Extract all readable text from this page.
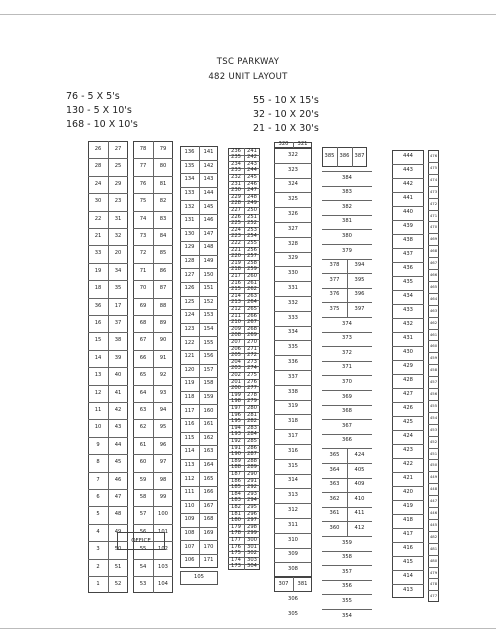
TSC PARKWAY
482 UNIT LAYOUT
76 - 5 X 5's
130 - 5 X 10's
168 - 10 X 10's
55 - 10 X 15's
32 - 10 X 20's
21 - 10 X 30's
26	27
28	25
24	29
30	23
22	31
21	32
33	20
19	34
18	35
36	17
16	37
15	38
14	39
13	40
12	41
11	42
10	43
9	44
8	45
7	46
6	47
5	48
4	49
3	50
2	51
1	52
78	79
77	80
76	81
75	82
74	83
73	84
72	85
71	86
70	87
69	88
68	89
67	90
66	91
65	92
64	93
63	94
62	95
61	96
60	97
59	98
58	99
57	100
56	101
55	102
54	103
53	104
136	141
135	142
134	143
133	144
132	145
131	146
130	147
129	148
128	149
127	150
126	151
125	152
124	153
123	154
122	155
121	156
120	157
119	158
118	159
117	160
116	161
115	162
114	163
113	164
112	165
111	166
110	167
109	168
108	169
107	170
106	171
105
236	241
235	242
234	243
233	244
232	245
231	246
230	247
229	248
228	249
227	250
226	251
225	252
224	253
223	254
222	255
221	256
220	257
219	258
218	259
217	260
216	261
215	262
214	263
213	264
212	265
211	266
210	267
209	268
208	269
207	270
206	271
205	272
204	273
203	274
202	275
201	276
200	277
199	278
198	279
197	280
196	281
195	282
194	283
193	284
192	285
191	286
190	287
189	288
188	289
187	290
186	291
185	292
184	293
183	294
182	295
181	296
180	297
179	298
178	299
177	300
176	301
175	302
174	303
173	304
320	321
322
323
324
325
326
327
328
329
330
331
332
333
334
335
336
337
338
319
318
317
316
315
314
313
312
311
310
309
308
307	381
306
305
385 386 387
384
383
382
381
380
379
378	394
377	395
376	396
375	397
374
373
372
371
370
369
368
367
366
365	424
364	405
363	409
362	410
361	411
360	412
359
358
357
356
355
354
444
443
442
441
440
439
438
437
436
435
434
433
432
431
430
429
428
427
426
425
424
423
422
421
420
419
418
417
416
415
414
413
476
475
474
473
472
471
470
469
468
467
466
465
464
463
462
461
460
459
458
457
456
455
454
453
452
451
450
449
448
447
446
445
482
481
480
479
478
477
OFFICE
